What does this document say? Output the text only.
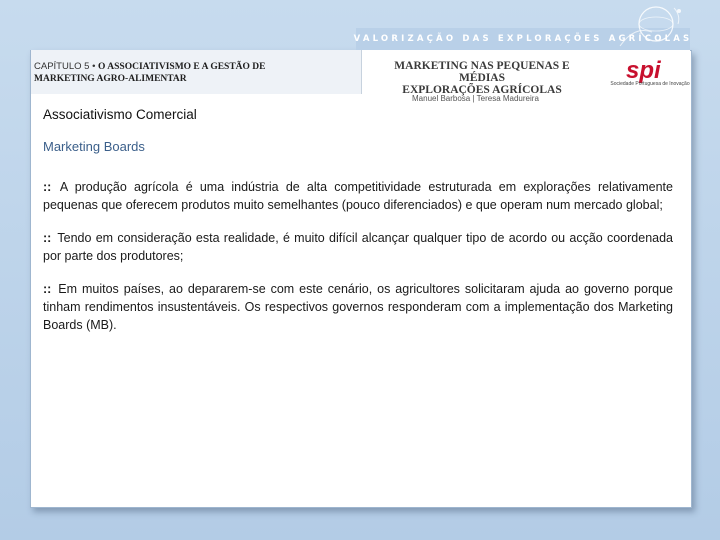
VALORIZAÇÃO DAS EXPLORAÇÕES AGRÍCOLAS
CAPÍTULO 5 • O ASSOCIATIVISMO E A GESTÃO DE
MARKETING AGRO-ALIMENTAR
MARKETING NAS PEQUENAS E MÉDIAS
EXPLORAÇÕES AGRÍCOLAS
Manuel Barbosa | Teresa Madureira
spi
Sociedade Portuguesa de Inovação
Associativismo Comercial
Marketing Boards

:: A produção agrícola é uma indústria de alta competitividade estruturada em explorações relativamente pequenas que oferecem produtos muito semelhantes (pouco diferenciados) e que operam num mercado global;

:: Tendo em consideração esta realidade, é muito difícil alcançar qualquer tipo de acordo ou acção coordenada por parte dos produtores;

:: Em muitos países, ao depararem-se com este cenário, os agricultores solicitaram ajuda ao governo porque tinham rendimentos insustentáveis. Os respectivos governos responderam com a implementação dos Marketing Boards (MB).
